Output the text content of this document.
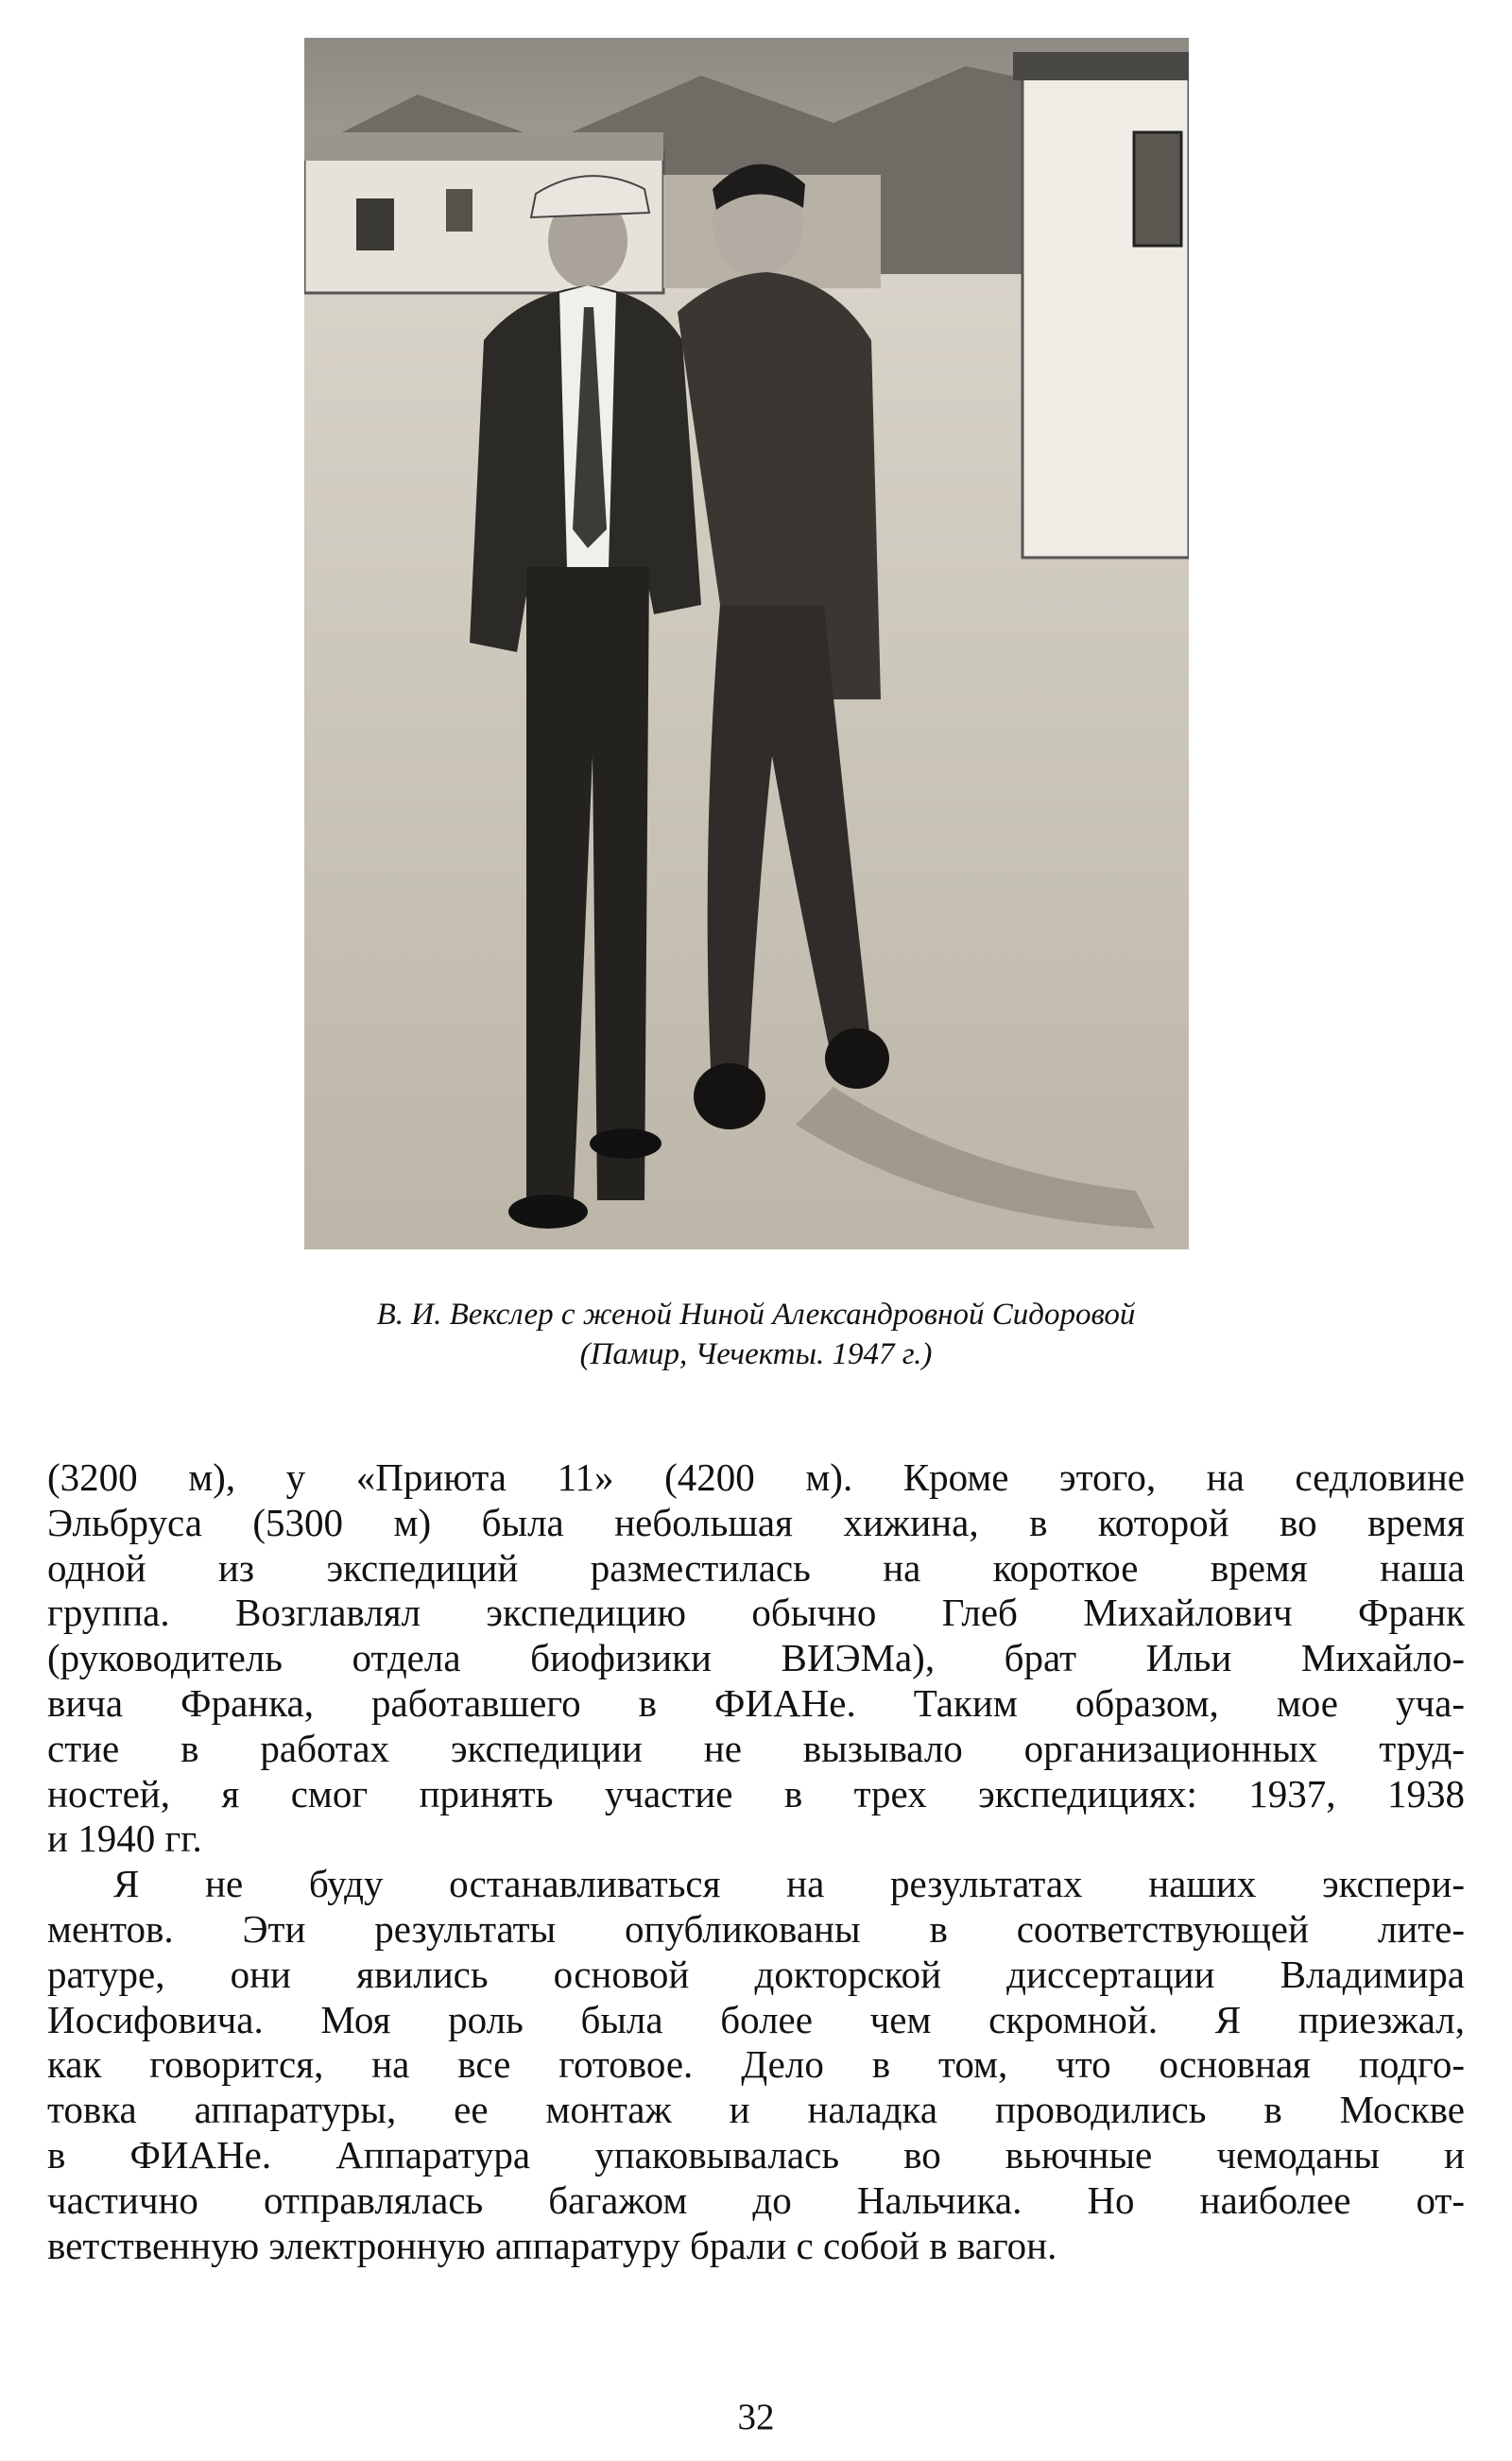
В. И. Векслер с женой Ниной Александровной Сидоровой
(Памир, Чечекты. 1947 г.)
(3200 м), у «Приюта 11» (4200 м). Кроме этого, на седловине
Эльбруса (5300 м) была небольшая хижина, в которой во время
одной из экспедиций разместилась на короткое время наша
группа. Возглавлял экспедицию обычно Глеб Михайлович Франк
(руководитель отдела биофизики ВИЭМа), брат Ильи Михайло-
вича Франка, работавшего в ФИАНе. Таким образом, мое уча-
стие в работах экспедиции не вызывало организационных труд-
ностей, я смог принять участие в трех экспедициях: 1937, 1938
и 1940 гг.
Я не буду останавливаться на результатах наших экспери-
ментов. Эти результаты опубликованы в соответствующей лите-
ратуре, они явились основой докторской диссертации Владимира
Иосифовича. Моя роль была более чем скромной. Я приезжал,
как говорится, на все готовое. Дело в том, что основная подго-
товка аппаратуры, ее монтаж и наладка проводились в Москве
в ФИАНе. Аппаратура упаковывалась во вьючные чемоданы и
частично отправлялась багажом до Нальчика. Но наиболее от-
ветственную электронную аппаратуру брали с собой в вагон.
32
